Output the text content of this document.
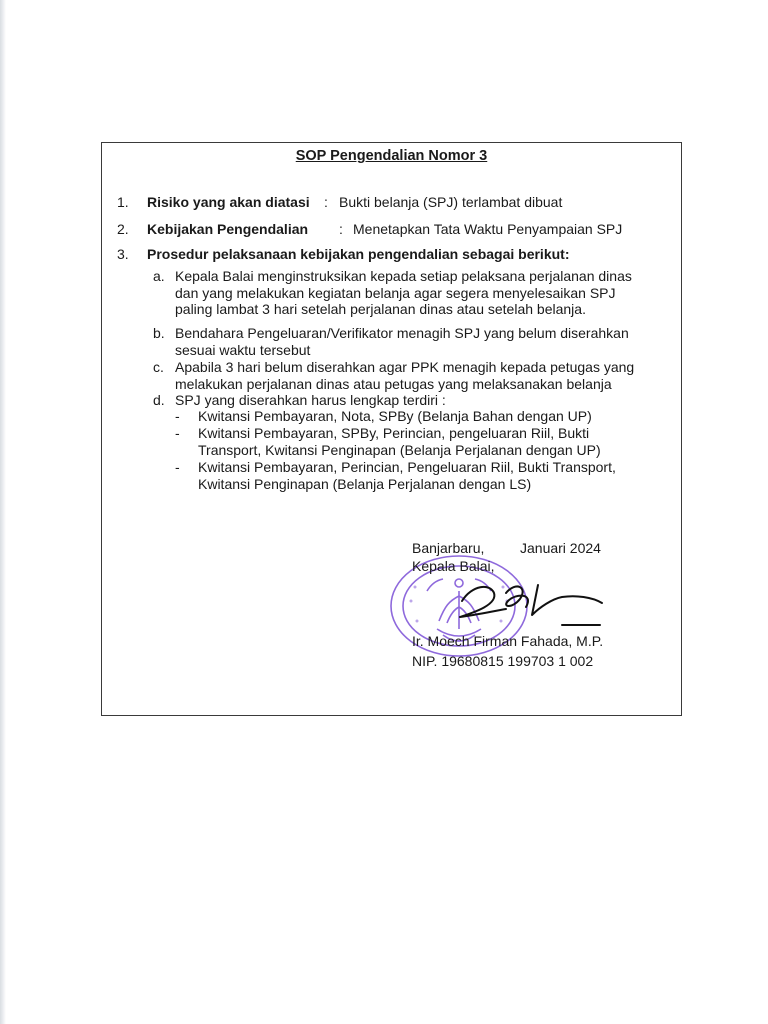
SOP Pengendalian Nomor 3
1. Risiko yang akan diatasi : Bukti belanja (SPJ) terlambat dibuat
2. Kebijakan Pengendalian : Menetapkan Tata Waktu Penyampaian SPJ
3. Prosedur pelaksanaan kebijakan pengendalian sebagai berikut:
a. Kepala Balai menginstruksikan kepada setiap pelaksana perjalanan dinas
dan yang melakukan kegiatan belanja agar segera menyelesaikan SPJ
paling lambat 3 hari setelah perjalanan dinas atau setelah belanja.
b. Bendahara Pengeluaran/Verifikator menagih SPJ yang belum diserahkan
sesuai waktu tersebut
c. Apabila 3 hari belum diserahkan agar PPK menagih kepada petugas yang
melakukan perjalanan dinas atau petugas yang melaksanakan belanja
d. SPJ yang diserahkan harus lengkap terdiri :
- Kwitansi Pembayaran, Nota, SPBy (Belanja Bahan dengan UP)
- Kwitansi Pembayaran, SPBy, Perincian, pengeluaran Riil, Bukti
Transport, Kwitansi Penginapan (Belanja Perjalanan dengan UP)
- Kwitansi Pembayaran, Perincian, Pengeluaran Riil, Bukti Transport,
Kwitansi Penginapan (Belanja Perjalanan dengan LS)
Banjarbaru,	Januari 2024
Kepala Balai,
Ir. Moech Firman Fahada, M.P.
NIP. 19680815 199703 1 002
